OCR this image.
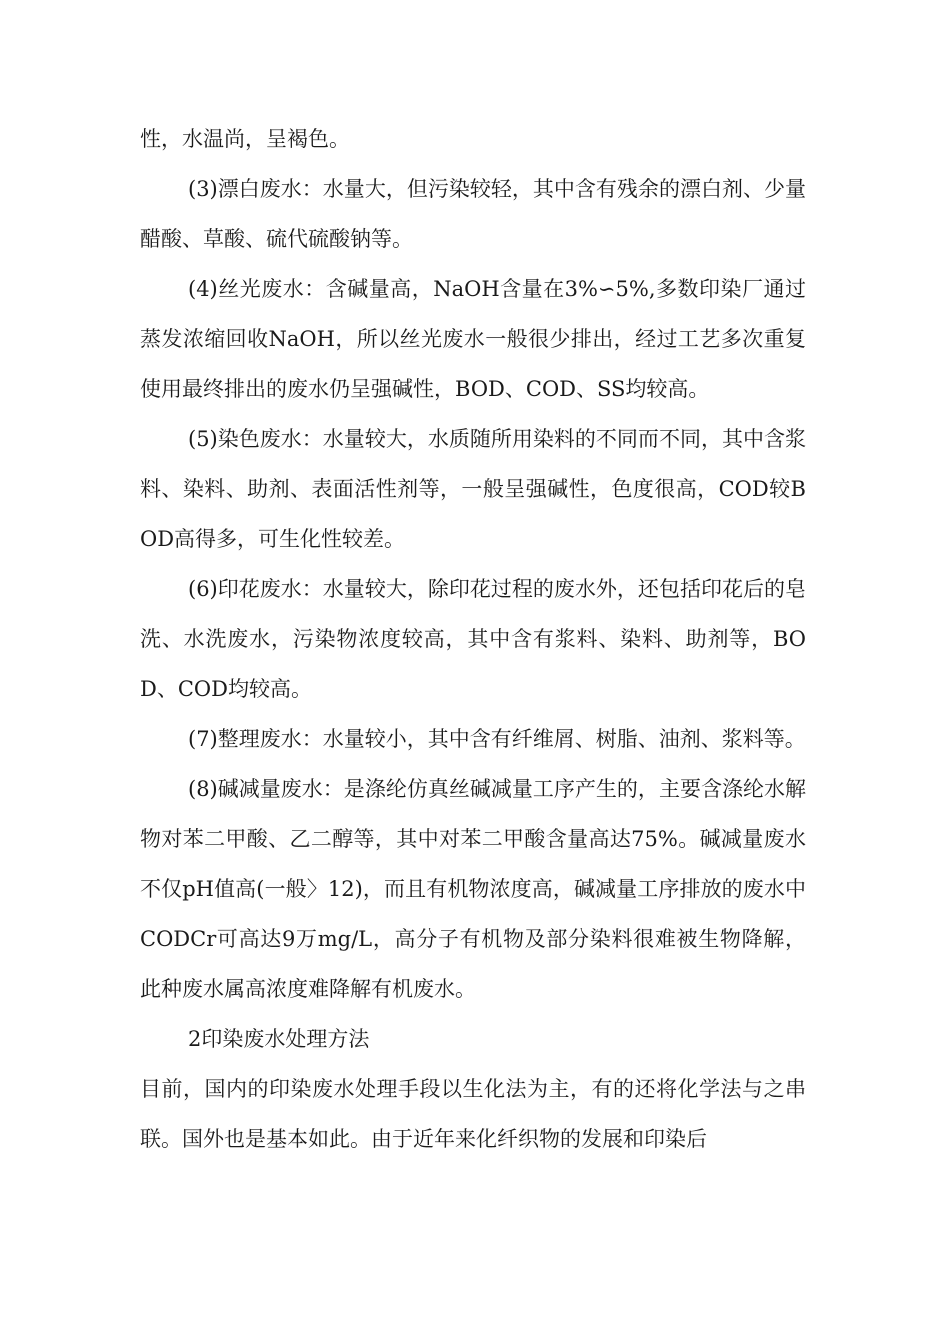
性，水温尚，呈褐色。

(3)漂白废水：水量大，但污染较轻，其中含有残余的漂白剂、少量醋酸、草酸、硫代硫酸钠等。

(4)丝光废水：含碱量高，NaOH含量在3%∽5%,多数印染厂通过蒸发浓缩回收NaOH，所以丝光废水一般很少排出，经过工艺多次重复使用最终排出的废水仍呈强碱性，BOD、COD、SS均较高。

(5)染色废水：水量较大，水质随所用染料的不同而不同，其中含浆料、染料、助剂、表面活性剂等，一般呈强碱性，色度很高，COD较BOD高得多，可生化性较差。

(6)印花废水：水量较大，除印花过程的废水外，还包括印花后的皂洗、水洗废水，污染物浓度较高，其中含有浆料、染料、助剂等，BOD、COD均较高。

(7)整理废水：水量较小，其中含有纤维屑、树脂、油剂、浆料等。

(8)碱减量废水：是涤纶仿真丝碱减量工序产生的，主要含涤纶水解物对苯二甲酸、乙二醇等，其中对苯二甲酸含量高达75%。碱减量废水不仅pH值高(一般〉12)，而且有机物浓度高，碱减量工序排放的废水中CODCr可高达9万mg/L，高分子有机物及部分染料很难被生物降解，此种废水属高浓度难降解有机废水。

2印染废水处理方法

目前，国内的印染废水处理手段以生化法为主，有的还将化学法与之串联。国外也是基本如此。由于近年来化纤织物的发展和印染后
